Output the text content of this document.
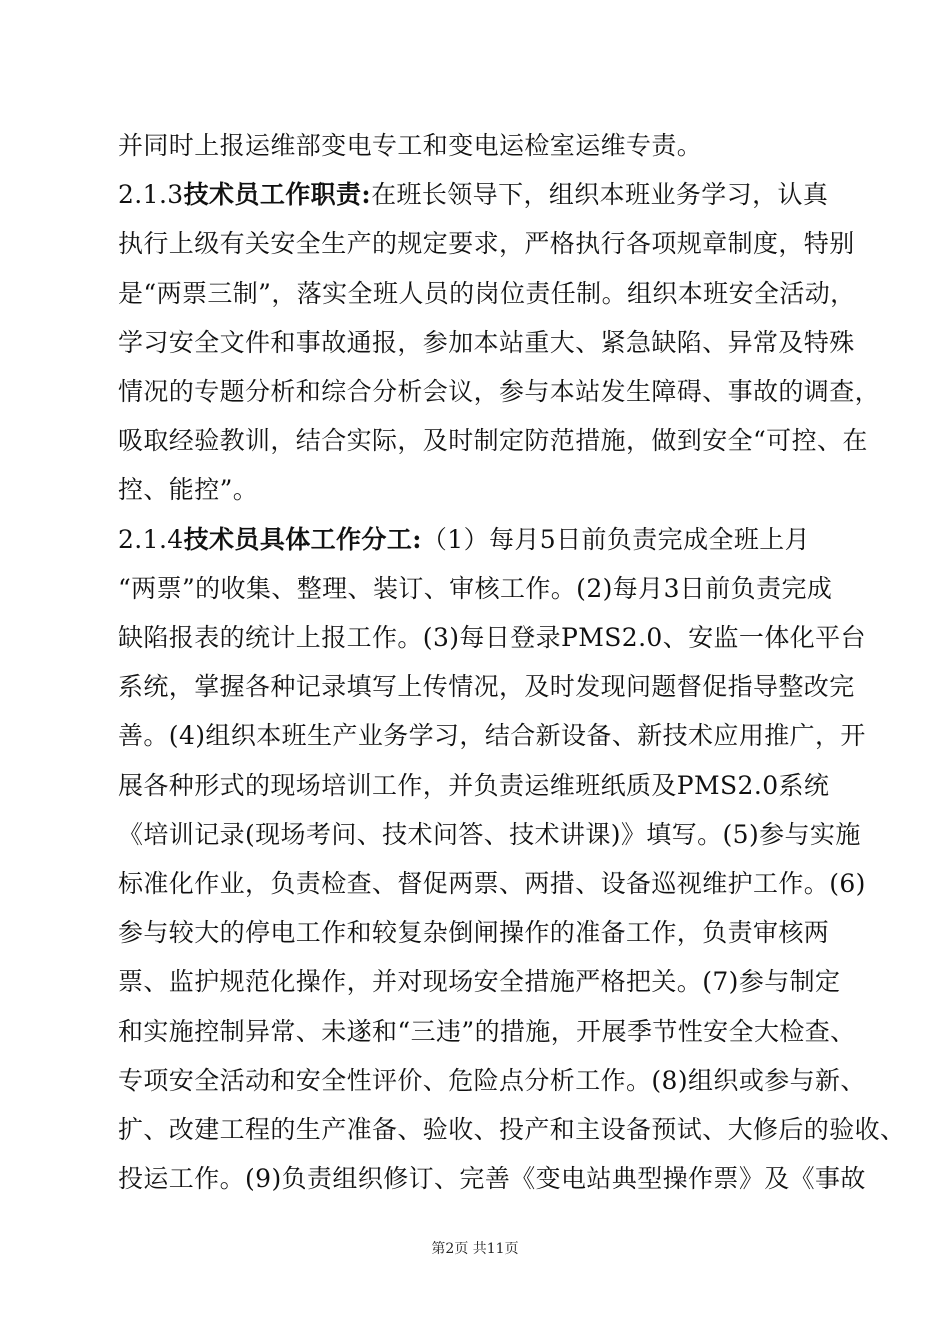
并同时上报运维部变电专工和变电运检室运维专责。
2.1.3技术员工作职责:在班长领导下，组织本班业务学习，认真
执行上级有关安全生产的规定要求，严格执行各项规章制度，特别
是“两票三制”，落实全班人员的岗位责任制。组织本班安全活动，
学习安全文件和事故通报，参加本站重大、紧急缺陷、异常及特殊
情况的专题分析和综合分析会议，参与本站发生障碍、事故的调查，
吸取经验教训，结合实际，及时制定防范措施，做到安全“可控、在
控、能控”。
2.1.4技术员具体工作分工:（1）每月5日前负责完成全班上月
“两票”的收集、整理、装订、审核工作。(2)每月3日前负责完成
缺陷报表的统计上报工作。(3)每日登录PMS2.0、安监一体化平台
系统，掌握各种记录填写上传情况，及时发现问题督促指导整改完
善。(4)组织本班生产业务学习，结合新设备、新技术应用推广，开
展各种形式的现场培训工作，并负责运维班纸质及PMS2.0系统
《培训记录(现场考问、技术问答、技术讲课)》填写。(5)参与实施
标准化作业，负责检查、督促两票、两措、设备巡视维护工作。(6)
参与较大的停电工作和较复杂倒闸操作的准备工作，负责审核两
票、监护规范化操作，并对现场安全措施严格把关。(7)参与制定
和实施控制异常、未遂和“三违”的措施，开展季节性安全大检查、
专项安全活动和安全性评价、危险点分析工作。(8)组织或参与新、
扩、改建工程的生产准备、验收、投产和主设备预试、大修后的验收、
投运工作。(9)负责组织修订、完善《变电站典型操作票》及《事故
第2页 共11页
